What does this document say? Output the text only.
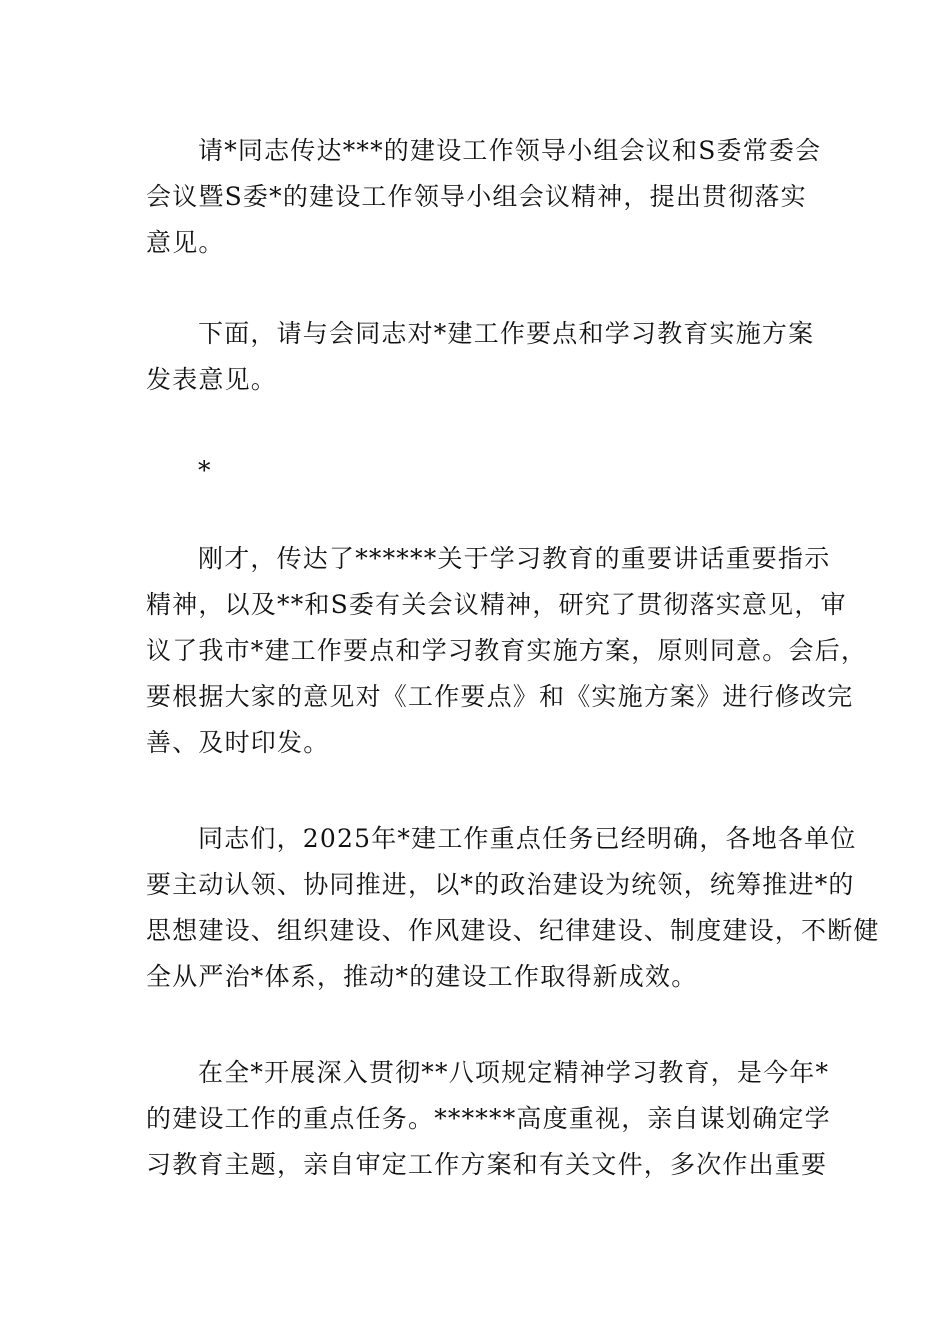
请*同志传达***的建设工作领导小组会议和S委常委会
会议暨S委*的建设工作领导小组会议精神，提出贯彻落实
意见。
下面，请与会同志对*建工作要点和学习教育实施方案
发表意见。
*
刚才，传达了******关于学习教育的重要讲话重要指示
精神，以及**和S委有关会议精神，研究了贯彻落实意见，审
议了我市*建工作要点和学习教育实施方案，原则同意。会后，
要根据大家的意见对《工作要点》和《实施方案》进行修改完
善、及时印发。
同志们，2025年*建工作重点任务已经明确，各地各单位
要主动认领、协同推进，以*的政治建设为统领，统筹推进*的
思想建设、组织建设、作风建设、纪律建设、制度建设，不断健
全从严治*体系，推动*的建设工作取得新成效。
在全*开展深入贯彻**八项规定精神学习教育，是今年*
的建设工作的重点任务。******高度重视，亲自谋划确定学
习教育主题，亲自审定工作方案和有关文件，多次作出重要
